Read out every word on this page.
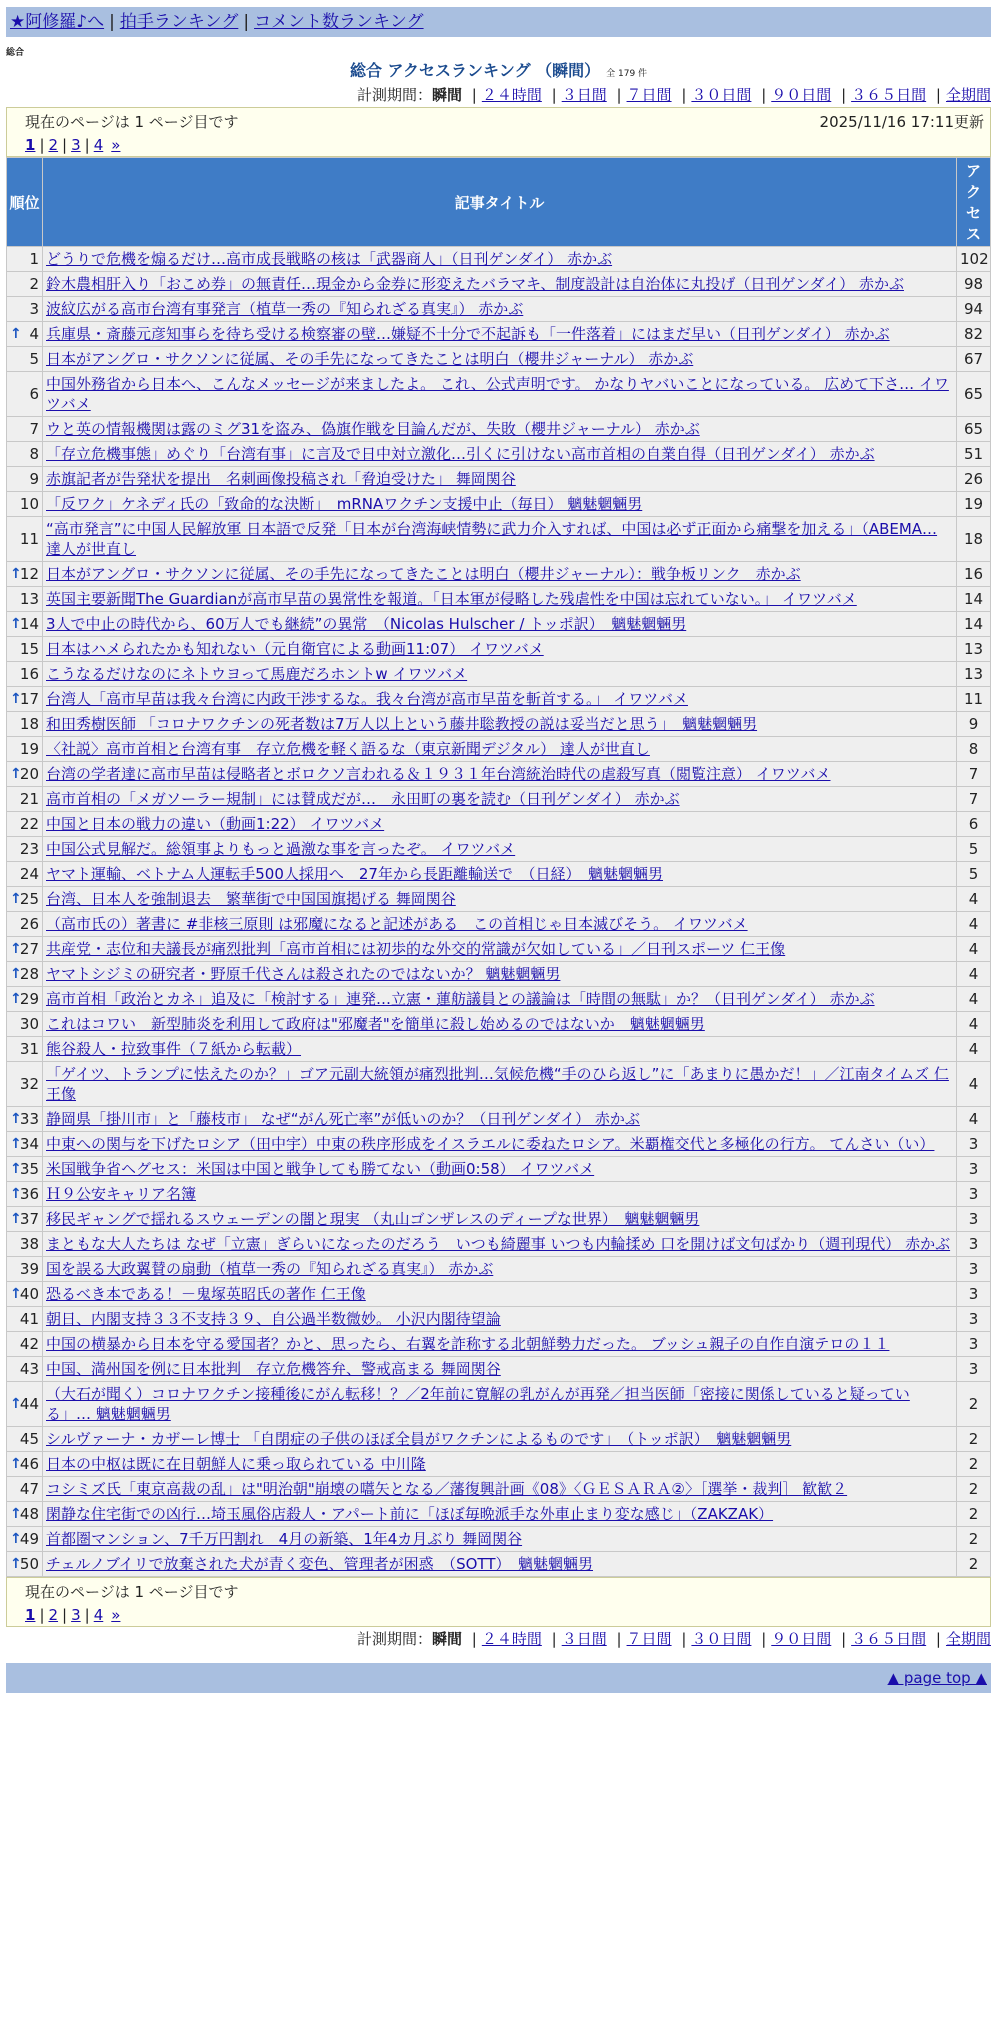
★阿修羅♪へ | 拍手ランキング | コメント数ランキング
総合
総合 アクセスランキング （瞬間） 全 179 件
計測期間：瞬間 | ２４時間 | ３日間 | ７日間 | ３０日間 | ９０日間 | ３６５日間 | 全期間
現在のページは 1 ページ目です	2025/11/16 17:11更新
1 | 2 | 3 | 4 »
順位	記事タイトル	アクセス
1	どうりで危機を煽るだけ…高市成長戦略の核は「武器商人」（日刊ゲンダイ） 赤かぶ	102
2	鈴木農相肝入り「おこめ券」の無責任…現金から金券に形変えたバラマキ、制度設計は自治体に丸投げ（日刊ゲンダイ） 赤かぶ	98
3	波紋広がる高市台湾有事発言（植草一秀の『知られざる真実』） 赤かぶ	94

↑ 4	兵庫県・斎藤元彦知事らを待ち受ける検察審の壁…嫌疑不十分で不起訴も「一件落着」にはまだ早い（日刊ゲンダイ） 赤かぶ	82
5	日本がアングロ・サクソンに従属、その手先になってきたことは明白（櫻井ジャーナル） 赤かぶ	67
6	中国外務省から日本へ、こんなメッセージが来ましたよ。 これ、公式声明です。 かなりヤバいことになっている。 広めて下さ… イワツバメ	65
7	ウと英の情報機関は露のミグ31を盗み、偽旗作戦を目論んだが、失敗（櫻井ジャーナル） 赤かぶ	65
8	「存立危機事態」めぐり「台湾有事」に言及で日中対立激化…引くに引けない高市首相の自業自得（日刊ゲンダイ） 赤かぶ	51
9	赤旗記者が告発状を提出　名刺画像投稿され「脅迫受けた」 舞岡関谷	26
10	「反ワク」ケネディ氏の「致命的な決断」　mRNAワクチン支援中止（毎日） 魑魅魍魎男	19
11	“高市発言”に中国人民解放軍 日本語で反発「日本が台湾海峡情勢に武力介入すれば、中国は必ず正面から痛撃を加える」（ABEMA… 達人が世直し	18

↑
12	日本がアングロ・サクソンに従属、その手先になってきたことは明白（櫻井ジャーナル）：戦争板リンク　赤かぶ	16
13	英国主要新聞The Guardianが高市早苗の異常性を報道。「日本軍が侵略した残虐性を中国は忘れていない。」 イワツバメ	14

↑
14	3人で中止の時代から、60万人でも継続”の異常　（Nicolas Hulscher / トッポ訳）　魑魅魍魎男	14
15	日本はハメられたかも知れない（元自衛官による動画11:07） イワツバメ	13
16	こうなるだけなのにネトウヨって馬鹿だろホントw イワツバメ	13

↑
17	台湾人「高市早苗は我々台湾に内政干渉するな。我々台湾が高市早苗を斬首する。」 イワツバメ	11
18	和田秀樹医師 「コロナワクチンの死者数は7万人以上という藤井聡教授の説は妥当だと思う」　魑魅魍魎男	9
19	〈社説〉高市首相と台湾有事　存立危機を軽く語るな（東京新聞デジタル） 達人が世直し	8

↑
20	台湾の学者達に高市早苗は侵略者とボロクソ言われる＆１９３１年台湾統治時代の虐殺写真（閲覧注意） イワツバメ	7
21	高市首相の「メガソーラー規制」には賛成だが…　永田町の裏を読む（日刊ゲンダイ） 赤かぶ	7
22	中国と日本の戦力の違い（動画1:22） イワツバメ	6
23	中国公式見解だ。総領事よりもっと過激な事を言ったぞ。 イワツバメ	5
24	ヤマト運輸、ベトナム人運転手500人採用へ　27年から長距離輸送で　（日経）　魑魅魍魎男	5

↑
25	台湾、日本人を強制退去　繁華街で中国国旗掲げる 舞岡関谷	4
26	（高市氏の）著書に #非核三原則 は邪魔になると記述がある　この首相じゃ日本滅びそう。 イワツバメ	4

↑
27	共産党・志位和夫議長が痛烈批判「高市首相には初歩的な外交的常識が欠如している」／日刊スポーツ 仁王像	4

↑
28	ヤマトシジミの研究者・野原千代さんは殺されたのではないか？ 魑魅魍魎男	4

↑
29	高市首相「政治とカネ」追及に「検討する」連発…立憲・蓮舫議員との議論は「時間の無駄」か？（日刊ゲンダイ） 赤かぶ	4
30	これはコワい　新型肺炎を利用して政府は"邪魔者"を簡単に殺し始めるのではないか　魑魅魍魎男	4
31	熊谷殺人・拉致事件（７紙から転載）	4
32	「ゲイツ、トランプに怯えたのか？」ゴア元副大統領が痛烈批判…気候危機“手のひら返し”に「あまりに愚かだ！」／江南タイムズ 仁王像	4

↑
33	静岡県「掛川市」と「藤枝市」 なぜ“がん死亡率”が低いのか？（日刊ゲンダイ） 赤かぶ	4

↑
34	中東への関与を下げたロシア（田中宇）中東の秩序形成をイスラエルに委ねたロシア。米覇権交代と多極化の行方。 てんさい（い）	3

↑
35	米国戦争省ヘグセス：米国は中国と戦争しても勝てない（動画0:58） イワツバメ	3

↑
36	Ｈ９公安キャリア名簿	3

↑
37	移民ギャングで揺れるスウェーデンの闇と現実 （丸山ゴンザレスのディープな世界）　魑魅魍魎男	3
38	まともな大人たちは なぜ「立憲」ぎらいになったのだろう　いつも綺麗事 いつも内輪揉め 口を開けば文句ばかり（週刊現代） 赤かぶ	3
39	国を誤る大政翼賛の扇動（植草一秀の『知られざる真実』） 赤かぶ	3

↑
40	恐るべき本である！－鬼塚英昭氏の著作 仁王像	3
41	朝日、内閣支持３３不支持３９、自公過半数微妙。 小沢内閣待望論	3
42	中国の横暴から日本を守る愛国者？かと、思ったら、右翼を詐称する北朝鮮勢力だった。 ブッシュ親子の自作自演テロの１１	3
43	中国、満州国を例に日本批判　存立危機答弁、警戒高まる 舞岡関谷	3

↑
44	（大石が聞く）コロナワクチン接種後にがん転移！？／2年前に寛解の乳がんが再発／担当医師「密接に関係していると疑っている」… 魑魅魍魎男	2
45	シルヴァーナ・カザーレ博士 「自閉症の子供のほぼ全員がワクチンによるものです」　（トッポ訳）　魑魅魍魎男	2

↑
46	日本の中枢は既に在日朝鮮人に乗っ取られている 中川隆	2
47	コシミズ氏「東京高裁の乱」は"明治朝"崩壊の嚆矢となる／藩復興計画《08》〈ＧＥＳＡＲＡ②〉［選挙・裁判］ 歓歓２	2

↑
48	閑静な住宅街での凶行…埼玉風俗店殺人・アパート前に「ほぼ毎晩派手な外車止まり変な感じ」（ZAKZAK）	2

↑
49	首都圏マンション、7千万円割れ　4月の新築、1年4カ月ぶり 舞岡関谷	2

↑
50	チェルノブイリで放棄された犬が青く変色、管理者が困惑　（SOTT）　魑魅魍魎男	2
現在のページは 1 ページ目です
1 | 2 | 3 | 4 »
計測期間：瞬間 | ２４時間 | ３日間 | ７日間 | ３０日間 | ９０日間 | ３６５日間 | 全期間
▲ page top ▲
